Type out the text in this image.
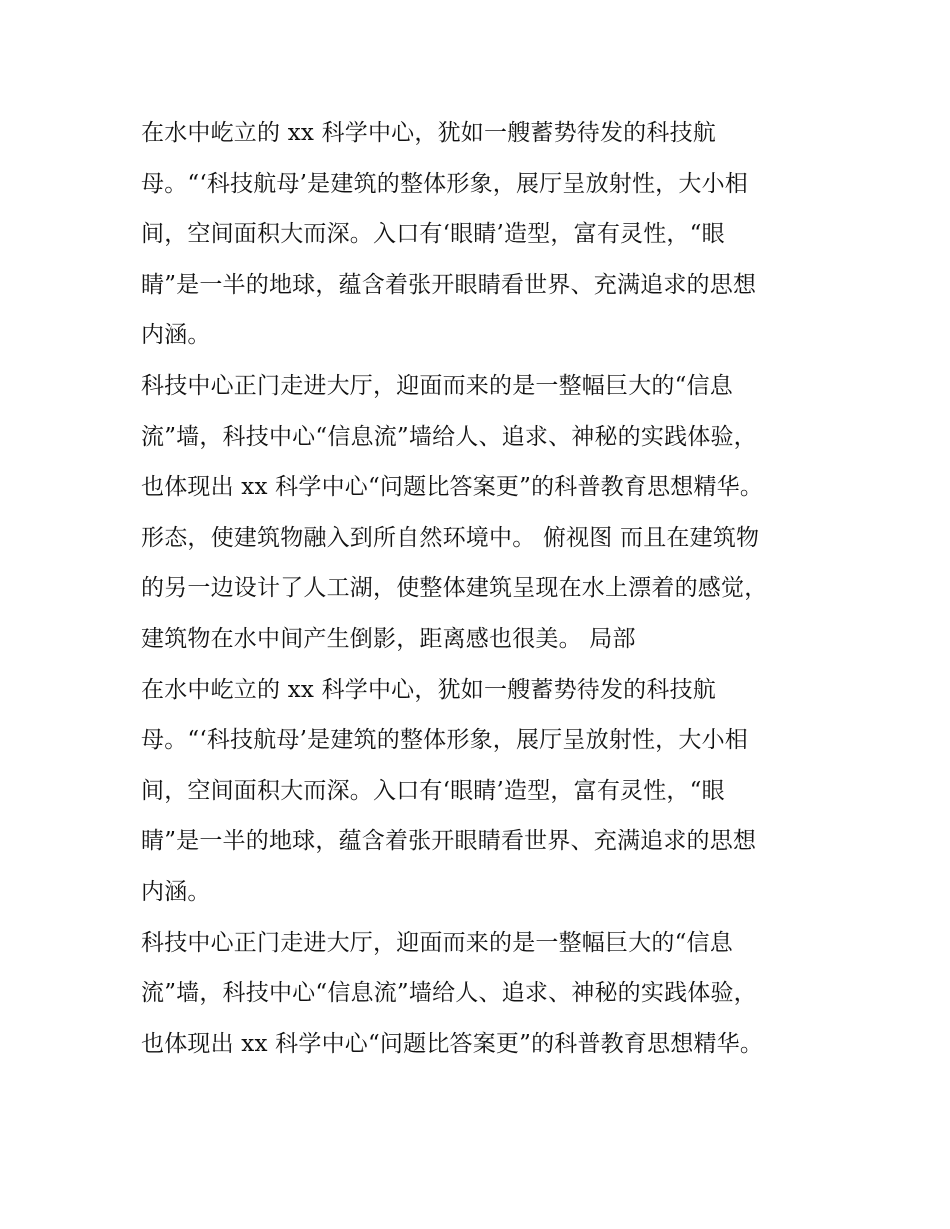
在水中屹立的 xx 科学中心，犹如一艘蓄势待发的科技航
母。“‘科技航母’是建筑的整体形象，展厅呈放射性，大小相
间，空间面积大而深。入口有‘眼睛’造型，富有灵性，“眼
睛”是一半的地球，蕴含着张开眼睛看世界、充满追求的思想
内涵。
科技中心正门走进大厅，迎面而来的是一整幅巨大的“信息
流”墙，科技中心“信息流”墙给人、追求、神秘的实践体验，
也体现出 xx 科学中心“问题比答案更”的科普教育思想精华。
形态，使建筑物融入到所自然环境中。 俯视图 而且在建筑物
的另一边设计了人工湖，使整体建筑呈现在水上漂着的感觉，
建筑物在水中间产生倒影，距离感也很美。 局部
在水中屹立的 xx 科学中心，犹如一艘蓄势待发的科技航
母。“‘科技航母’是建筑的整体形象，展厅呈放射性，大小相
间，空间面积大而深。入口有‘眼睛’造型，富有灵性，“眼
睛”是一半的地球，蕴含着张开眼睛看世界、充满追求的思想
内涵。
科技中心正门走进大厅，迎面而来的是一整幅巨大的“信息
流”墙，科技中心“信息流”墙给人、追求、神秘的实践体验，
也体现出 xx 科学中心“问题比答案更”的科普教育思想精华。
